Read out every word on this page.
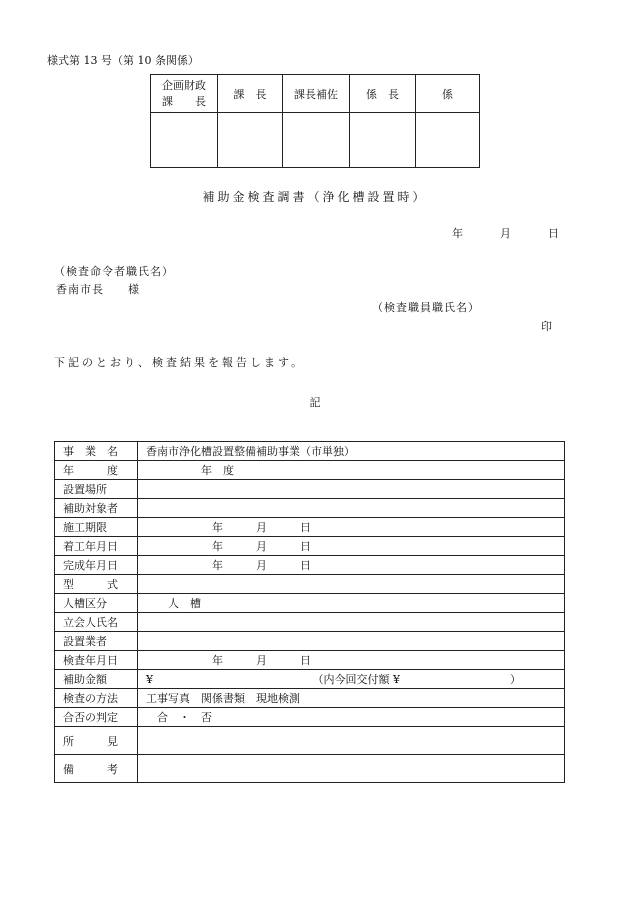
様式第 13 号（第 10 条関係）
企画財政
課　　長	課　長	課長補佐	係　長	係

補助金検査調書（浄化槽設置時）
年	月	日
（検査命令者職氏名）
香南市長　　様
（検査職員職氏名）
印
下記のとおり、検査結果を報告します。
記
事　業　名	香南市浄化槽設置整備補助事業（市単独）

年　　　度	　　　　　年　度

設置場所	

補助対象者	

施工期限	　　　　　　年　　　月　　　日

着工年月日	　　　　　　年　　　月　　　日

完成年月日	　　　　　　年　　　月　　　日

型　　　式	

人槽区分	　　人　槽

立会人氏名	

設置業者	

検査年月日	　　　　　　年　　　月　　　日

補助金額	¥　　　　　　　　　　　　　　　（内今回交付額 ¥　　　　　　　　　　）

検査の方法	工事写真　関係書類　現地検測

合否の判定	　合　・　否

所　　　見	

備　　　考	
